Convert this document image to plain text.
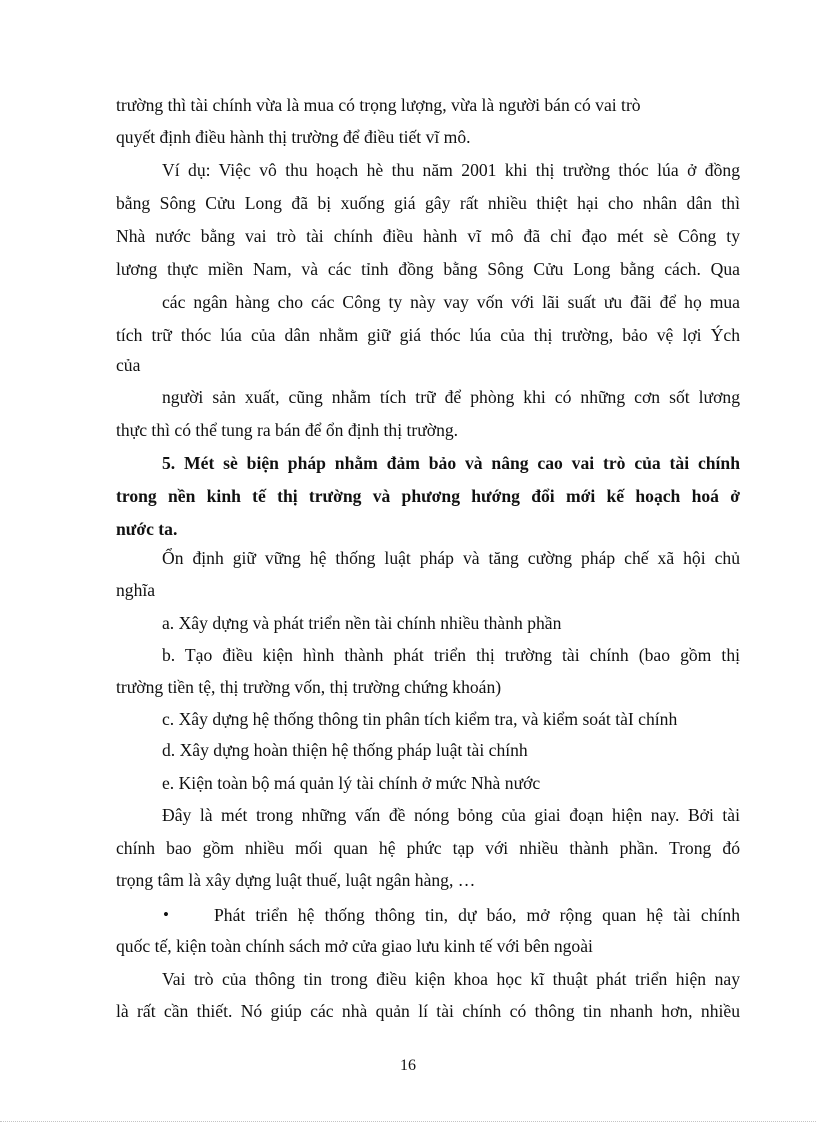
trường thì tài chính vừa là mua có trọng lượng, vừa là người bán có vai trò
quyết định điều hành thị trường để điều tiết vĩ mô.
Ví dụ: Việc vô thu hoạch hè thu năm 2001 khi thị trường thóc lúa ở đồng
bằng Sông Cửu Long đã bị xuống giá gây rất nhiều thiệt hại cho nhân dân thì
Nhà nước bằng vai trò tài chính điều hành vĩ mô đã chỉ đạo mét sè Công ty
lương thực miền Nam, và các tỉnh đồng bằng Sông Cửu Long bằng cách. Qua
các ngân hàng cho các Công ty này vay vốn với lãi suất ưu đãi để họ mua
tích trữ thóc lúa của dân nhằm giữ giá thóc lúa của thị trường, bảo vệ lợi Ých
của
người sản xuất, cũng nhằm tích trữ để phòng khi có những cơn sốt lương
thực thì có thể tung ra bán để ổn định thị trường.
5. Mét sè biện pháp nhằm đảm bảo và nâng cao vai trò của tài chính
trong nền kinh tế thị trường và phương hướng đổi mới kế hoạch hoá ở
nước ta.
Ổn định giữ vững hệ thống luật pháp và tăng cường pháp chế xã hội chủ
nghĩa
a. Xây dựng và phát triển nền tài chính nhiều thành phần
b. Tạo điều kiện hình thành phát triển thị trường tài chính (bao gồm thị
trường tiền tệ, thị trường vốn, thị trường chứng khoán)
c. Xây dựng hệ thống thông tin phân tích kiểm tra, và kiểm soát tàI chính
d. Xây dựng hoàn thiện hệ thống pháp luật tài chính
e. Kiện toàn bộ má quản lý tài chính ở mức Nhà nước
Đây là mét trong những vấn đề nóng bỏng của giai đoạn hiện nay. Bởi tài
chính bao gồm nhiều mối quan hệ phức tạp với nhiều thành phần. Trong đó
trọng tâm là xây dựng luật thuế, luật ngân hàng, …
•	Phát triển hệ thống thông tin, dự báo, mở rộng quan hệ tài chính
quốc tế, kiện toàn chính sách mở cửa giao lưu kinh tế với bên ngoài
Vai trò của thông tin trong điều kiện khoa học kĩ thuật phát triển hiện nay
là rất cần thiết. Nó giúp các nhà quản lí tài chính có thông tin nhanh hơn, nhiều
16
